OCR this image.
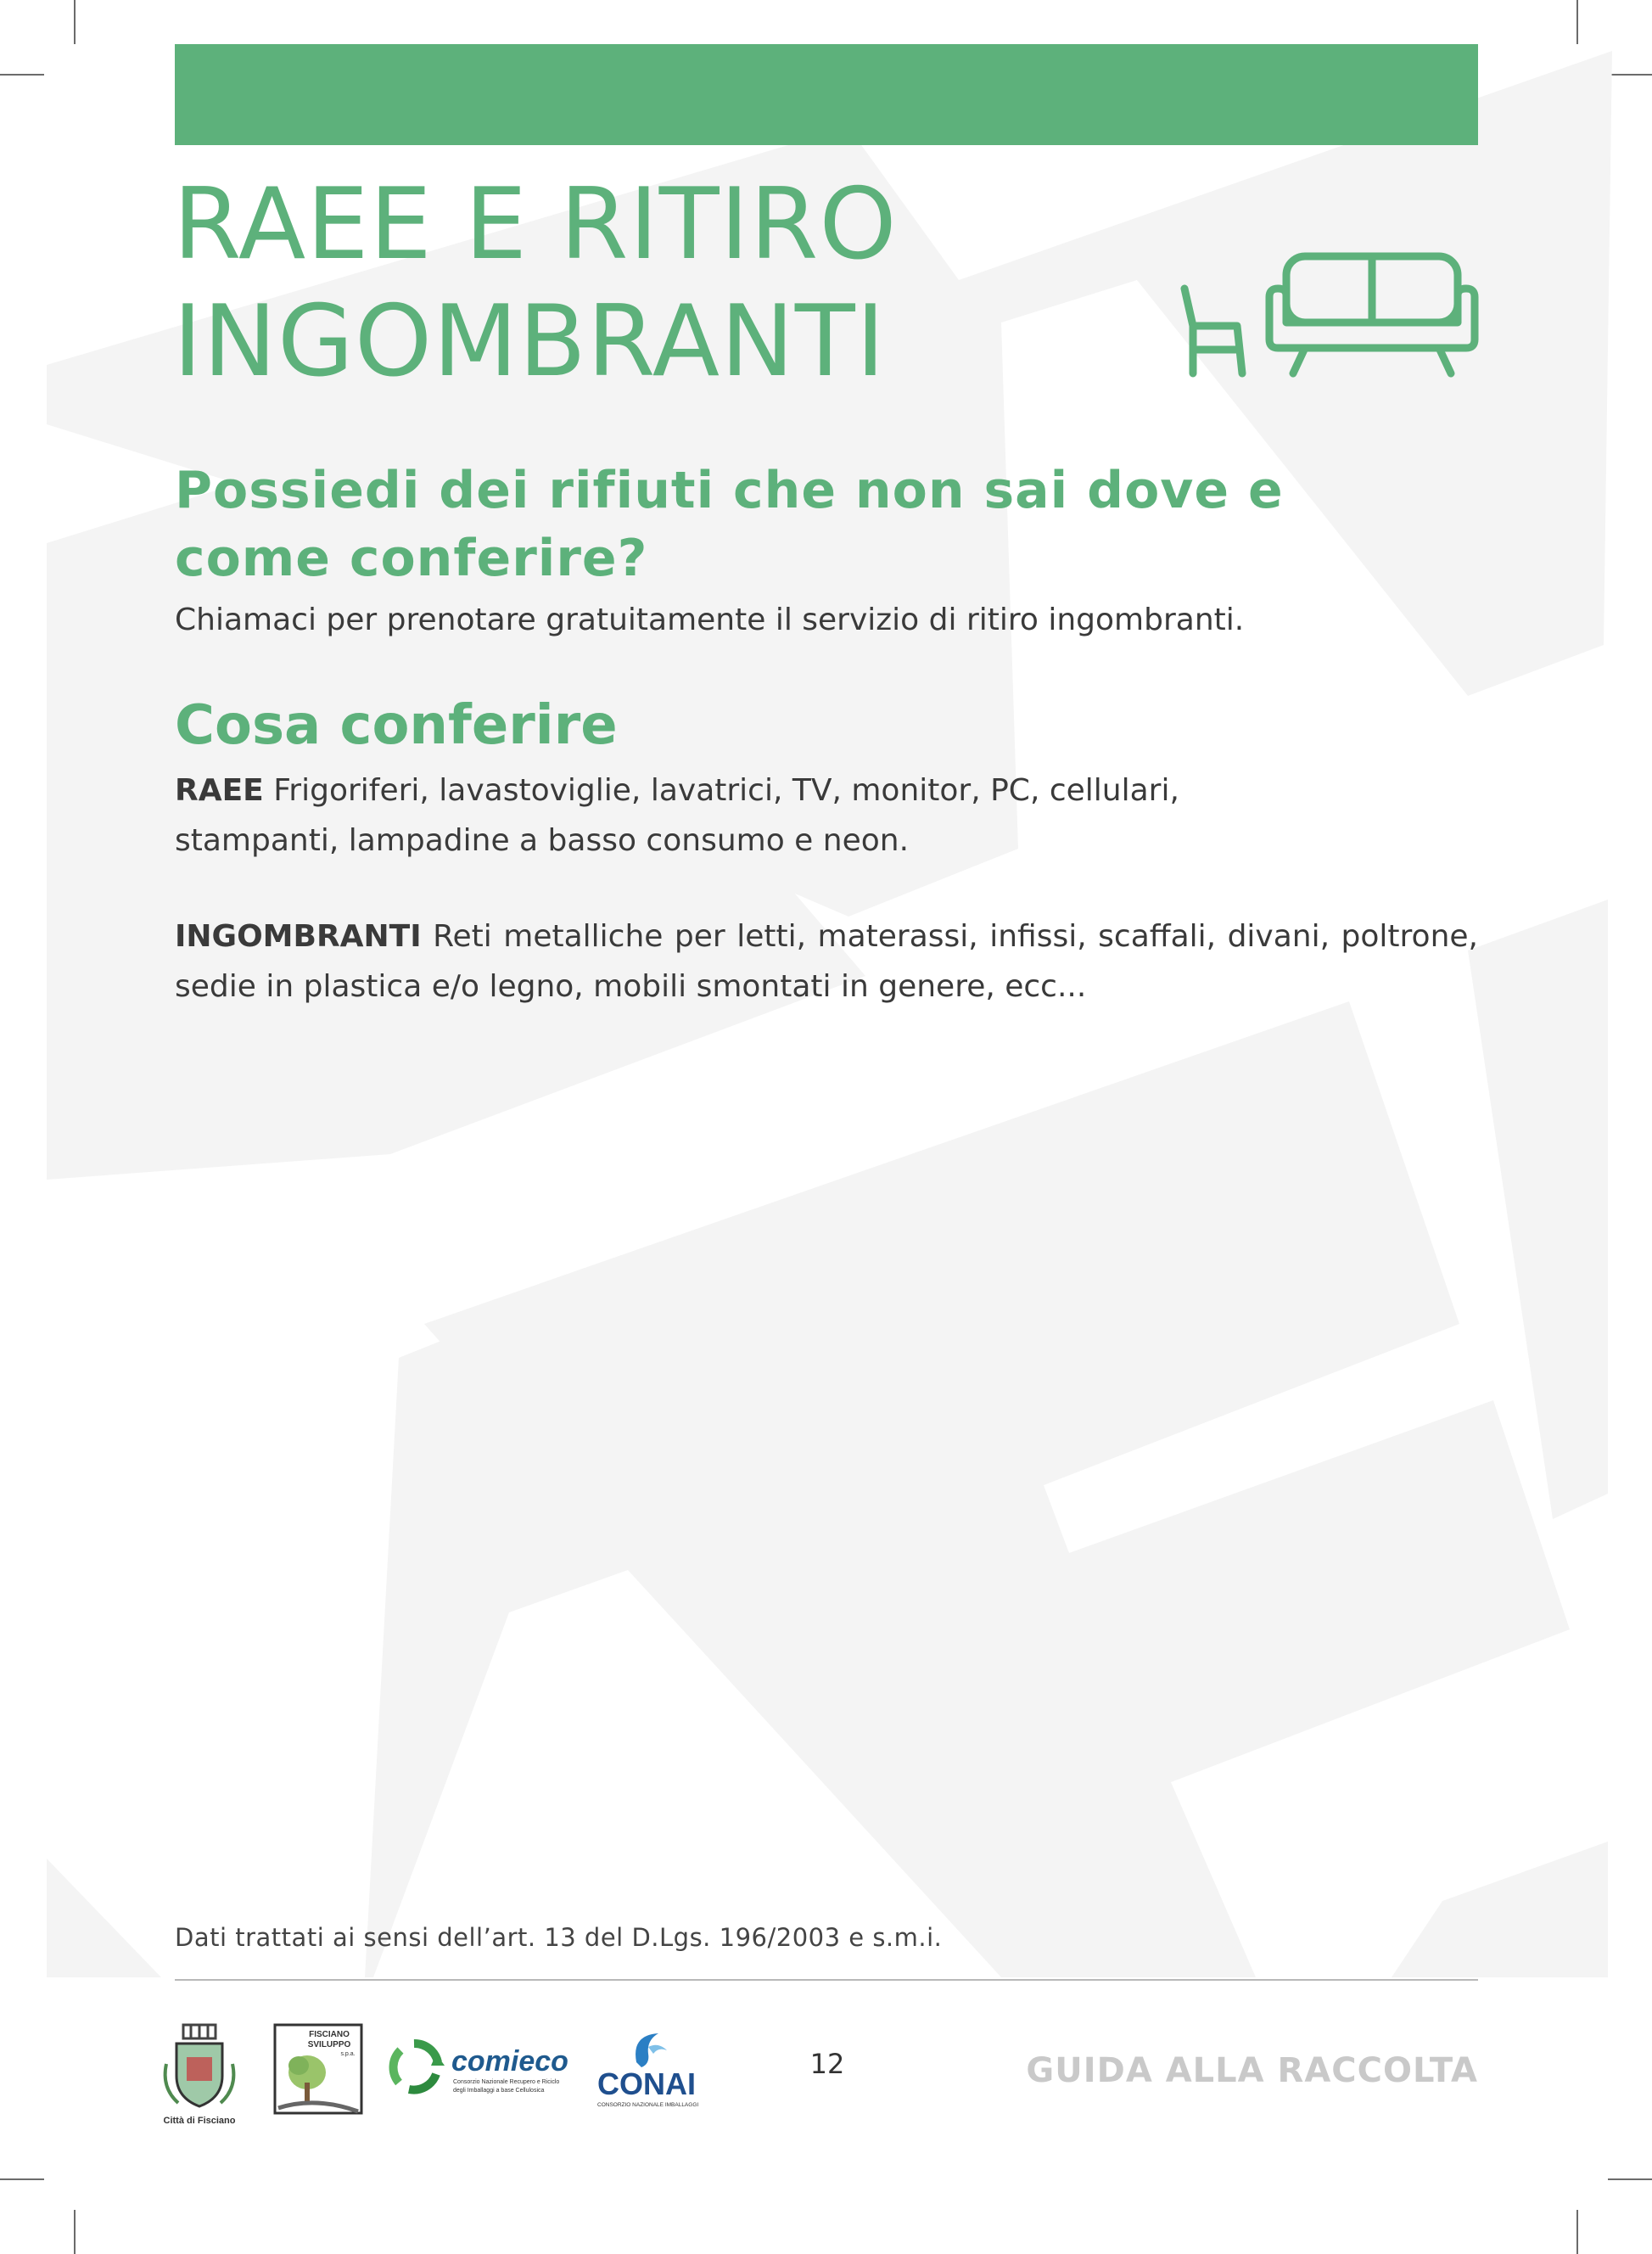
RAEE E RITIRO
INGOMBRANTI
Possiedi dei rifiuti che non sai dove e
come conferire?

Chiamaci per prenotare gratuitamente il servizio di ritiro ingombranti.

Cosa conferire

RAEE Frigoriferi, lavastoviglie, lavatrici, TV, monitor, PC, cellulari,
stampanti, lampadine a basso consumo e neon.

INGOMBRANTI Reti metalliche per letti, materassi, infissi, scaffali, divani, poltrone, sedie in plastica e/o legno, mobili smontati in genere, ecc...

Dati trattati ai sensi dell’art. 13 del D.Lgs. 196/2003 e s.m.i.

Città di Fisciano
FISCIANO
SVILUPPO
s.p.a.	comieco
Consorzio Nazionale Recupero e Riciclo
degli Imballaggi a base Cellulosica CONAI
CONSORZIO NAZIONALE IMBALLAGGI
12	GUIDA ALLA RACCOLTA
